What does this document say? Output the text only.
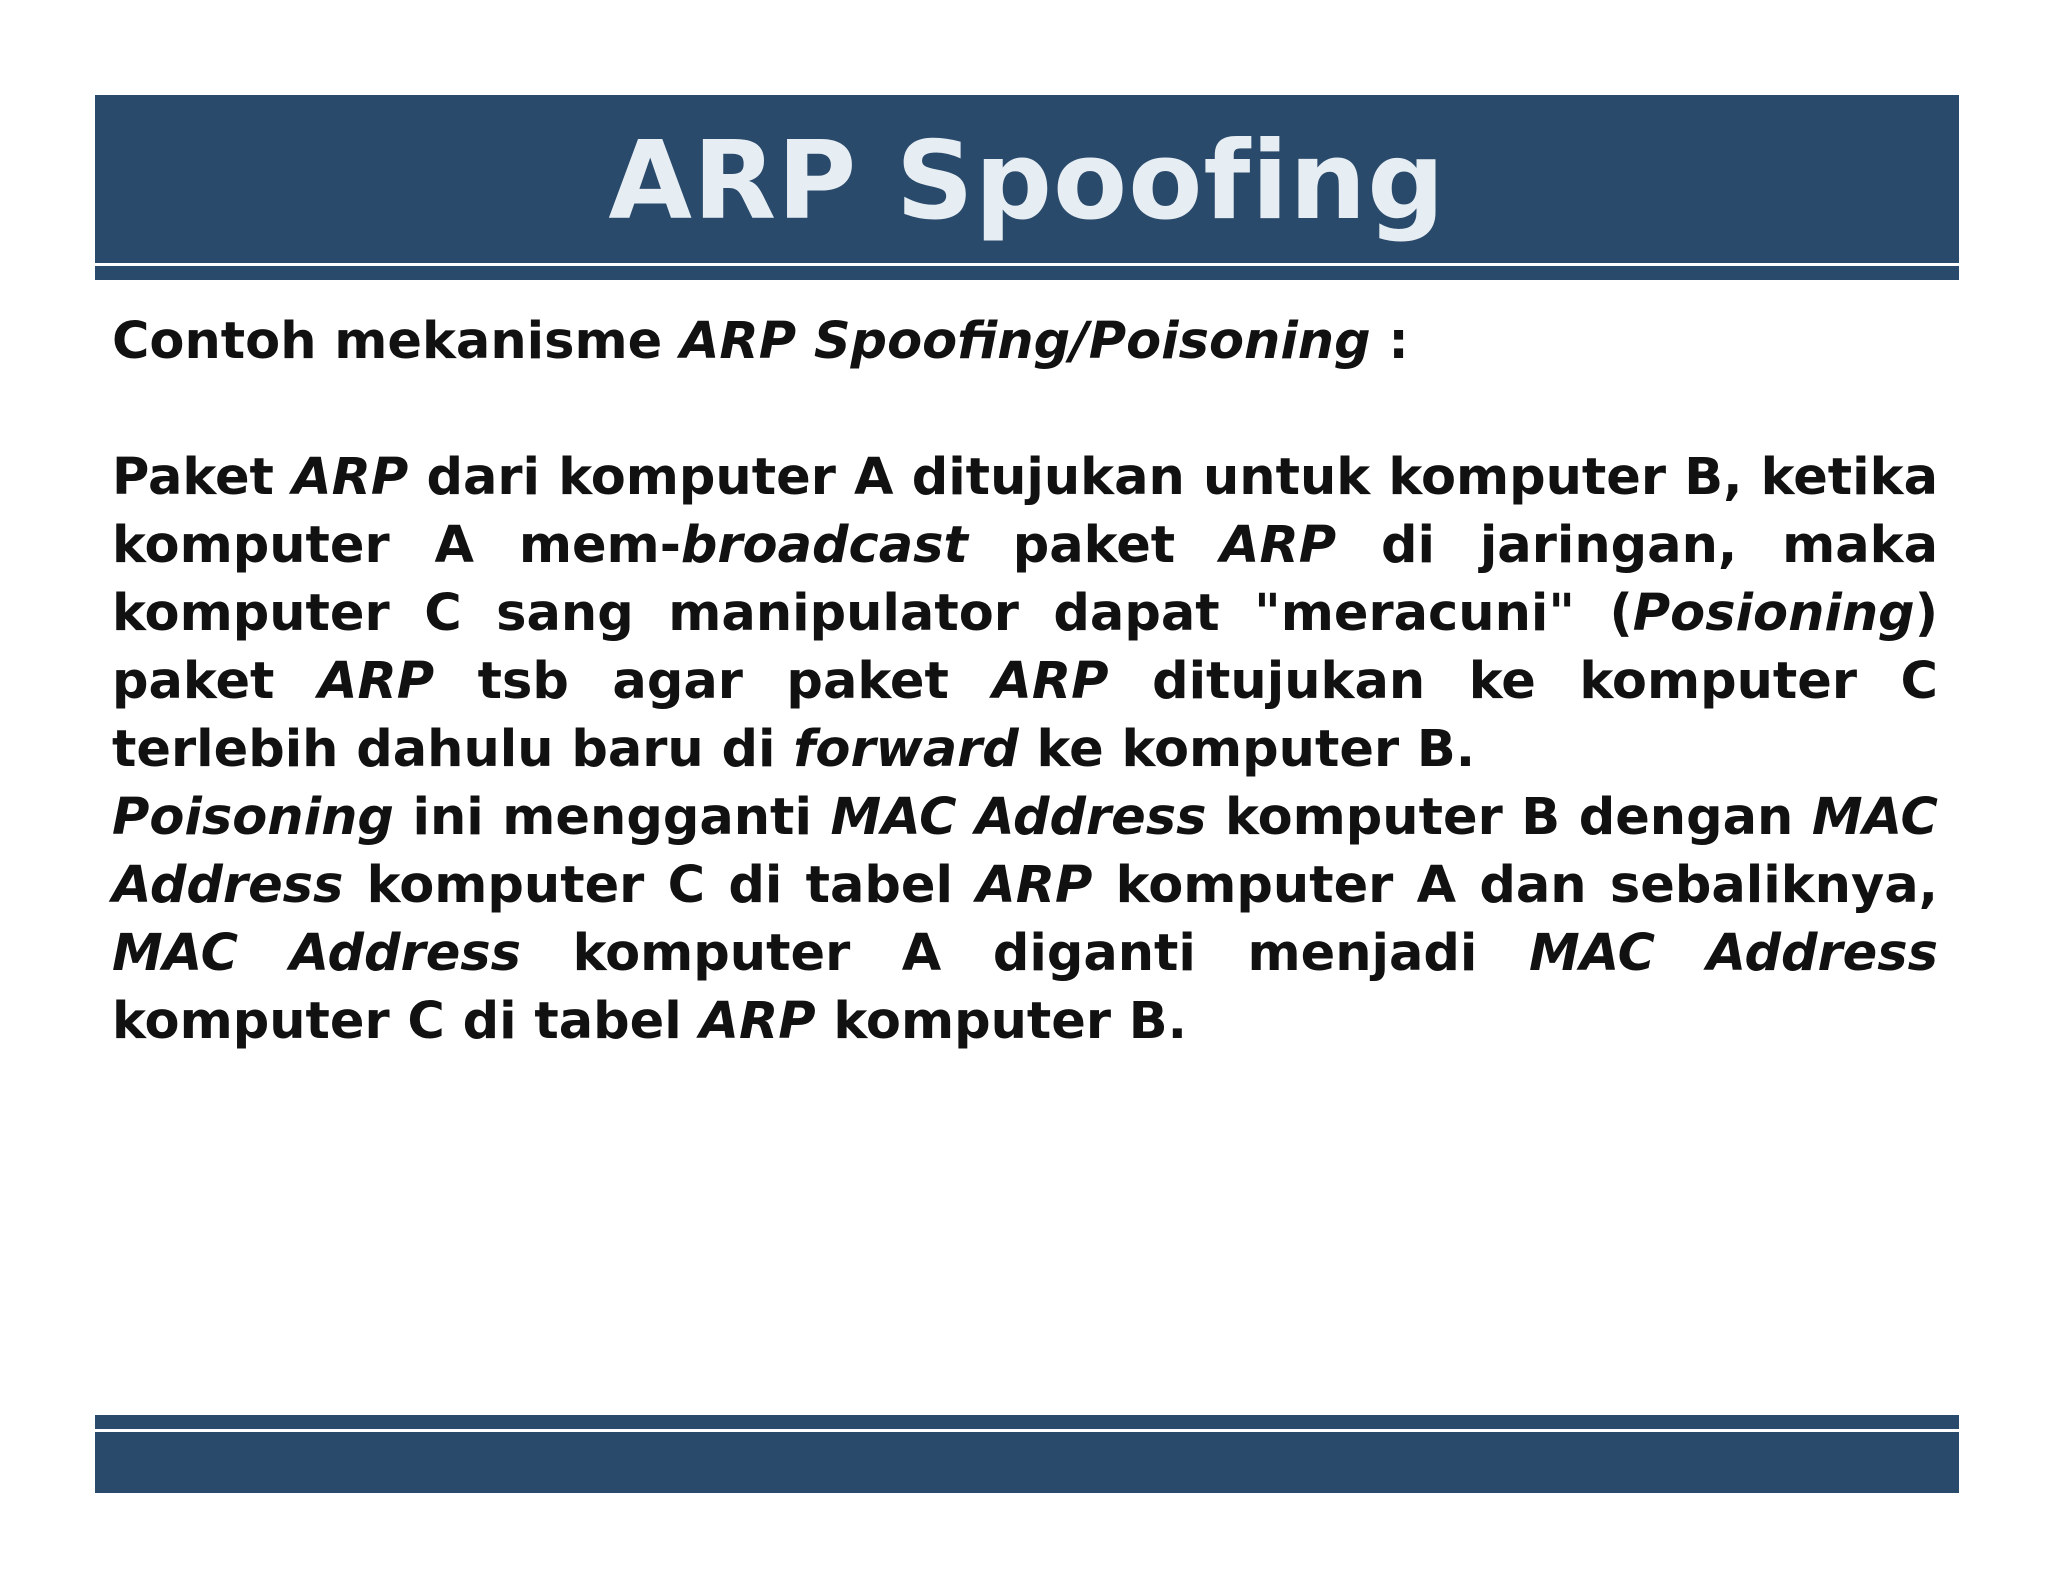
ARP Spoofing

Contoh mekanisme ARP Spoofing/Poisoning :

Paket ARP dari komputer A ditujukan untuk komputer B, ketika komputer A mem-broadcast paket ARP di jaringan, maka komputer C sang manipulator dapat "meracuni" (Posioning) paket ARP tsb agar paket ARP ditujukan ke komputer C terlebih dahulu baru di forward ke komputer B.

Poisoning ini mengganti MAC Address komputer B dengan MAC Address komputer C di tabel ARP komputer A dan sebaliknya, MAC Address komputer A diganti menjadi MAC Address komputer C di tabel ARP komputer B.
